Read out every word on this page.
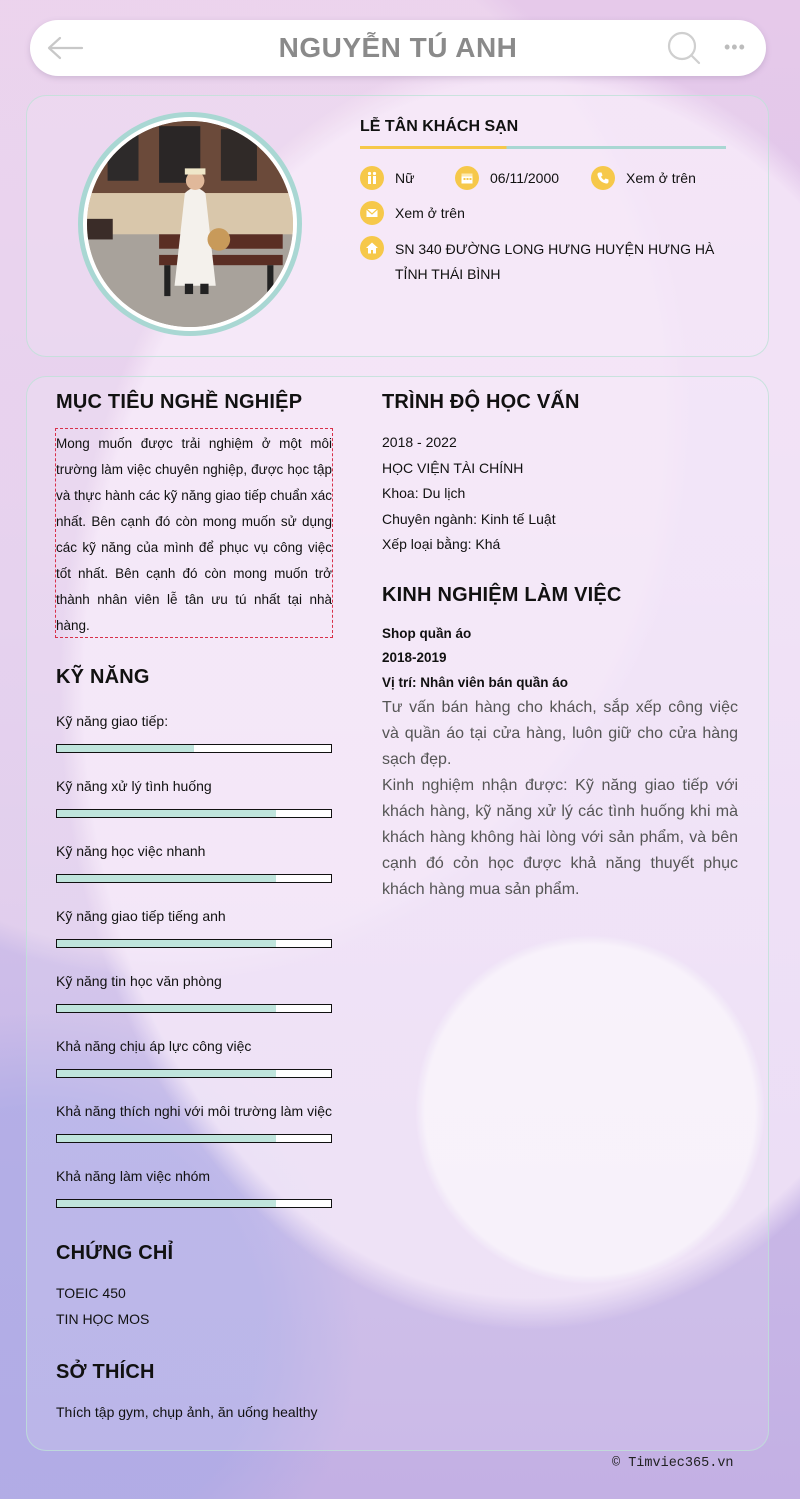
NGUYỄN TÚ ANH	•••
LỄ TÂN KHÁCH SẠN
Nữ	06/11/2000	Xem ở trên
Xem ở trên
SN 340 ĐƯỜNG LONG HƯNG HUYỆN HƯNG HÀ TỈNH THÁI BÌNH
MỤC TIÊU NGHỀ NGHIỆP
Mong muốn được trải nghiệm ở một môi trường làm việc chuyên nghiệp, được học tập và thực hành các kỹ năng giao tiếp chuẩn xác nhất. Bên cạnh đó còn mong muốn sử dụng các kỹ năng của mình để phục vụ công việc tốt nhất. Bên cạnh đó còn mong muốn trở thành nhân viên lễ tân ưu tú nhất tại nhà hàng.
KỸ NĂNG
Kỹ năng giao tiếp:
Kỹ năng xử lý tình huống
Kỹ năng học việc nhanh
Kỹ năng giao tiếp tiếng anh
Kỹ năng tin học văn phòng
Khả năng chịu áp lực công việc
Khả năng thích nghi với môi trường làm việc
Khả năng làm việc nhóm
CHỨNG CHỈ
TOEIC 450
TIN HỌC MOS
SỞ THÍCH
Thích tập gym, chụp ảnh, ăn uống healthy
TRÌNH ĐỘ HỌC VẤN
2018 - 2022
HỌC VIỆN TÀI CHÍNH
Khoa: Du lịch
Chuyên ngành: Kinh tế Luật
Xếp loại bằng: Khá
KINH NGHIỆM LÀM VIỆC
Shop quần áo
2018-2019
Vị trí: Nhân viên bán quần áo
Tư vấn bán hàng cho khách, sắp xếp công việc và quần áo tại cửa hàng, luôn giữ cho cửa hàng sạch đẹp.
Kinh nghiệm nhận được: Kỹ năng giao tiếp với khách hàng, kỹ năng xử lý các tình huống khi mà khách hàng không hài lòng với sản phẩm, và bên cạnh đó cỏn học được khả năng thuyết phục khách hàng mua sản phẩm.
© Timviec365.vn
